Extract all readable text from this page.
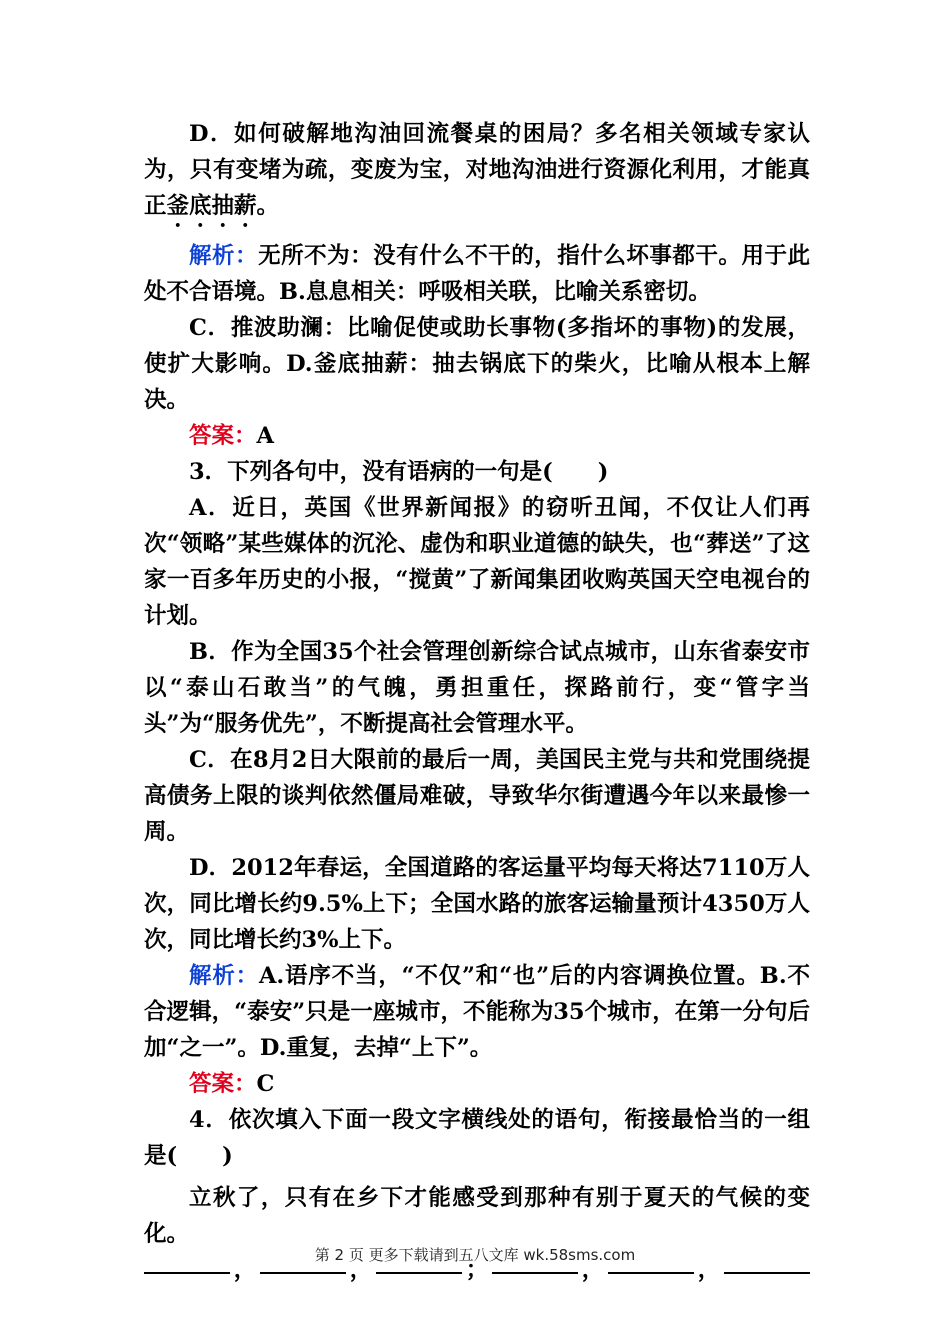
D．如何破解地沟油回流餐桌的困局？多名相关领域专家认为，只有变堵为疏，变废为宝，对地沟油进行资源化利用，才能真正釜底抽薪。

解析：无所不为：没有什么不干的，指什么坏事都干。用于此处不合语境。B.息息相关：呼吸相关联，比喻关系密切。

C．推波助澜：比喻促使或助长事物(多指坏的事物)的发展，使扩大影响。D.釜底抽薪：抽去锅底下的柴火，比喻从根本上解决。

答案：A

3．下列各句中，没有语病的一句是(　　)

A．近日，英国《世界新闻报》的窃听丑闻，不仅让人们再次“领略”某些媒体的沉沦、虚伪和职业道德的缺失，也“葬送”了这家一百多年历史的小报，“搅黄”了新闻集团收购英国天空电视台的计划。

B．作为全国35个社会管理创新综合试点城市，山东省泰安市以“泰山石敢当”的气魄，勇担重任，探路前行，变“管字当头”为“服务优先”，不断提高社会管理水平。

C．在8月2日大限前的最后一周，美国民主党与共和党围绕提高债务上限的谈判依然僵局难破，导致华尔街遭遇今年以来最惨一周。

D．2012年春运，全国道路的客运量平均每天将达7110万人次，同比增长约9.5%上下；全国水路的旅客运输量预计4350万人次，同比增长约3%上下。

解析：A.语序不当，“不仅”和“也”后的内容调换位置。B.不合逻辑，“泰安”只是一座城市，不能称为35个城市，在第一分句后加“之一”。D.重复，去掉“上下”。

答案：C

4．依次填入下面一段文字横线处的语句，衔接最恰当的一组是(　　)

立秋了，只有在乡下才能感受到那种有别于夏天的气候的变化。

，	，	；	，	，
第 2 页 更多下载请到五八文库 wk.58sms.com
